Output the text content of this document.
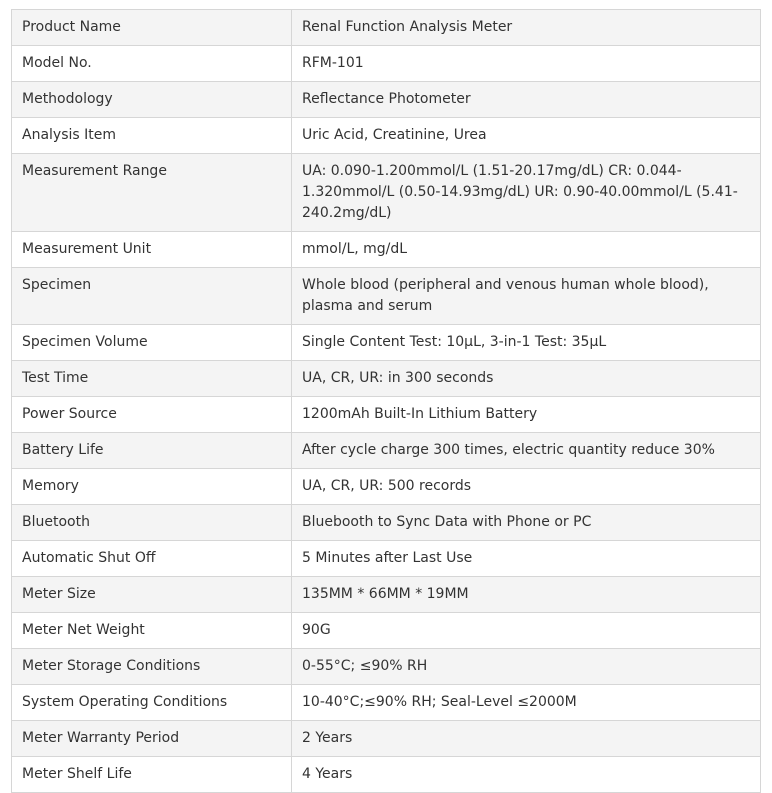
Product Name	Renal Function Analysis Meter
Model No.	RFM-101
Methodology	Reflectance Photometer
Analysis Item	Uric Acid, Creatinine, Urea
Measurement Range	UA: 0.090-1.200mmol/L (1.51-20.17mg/dL) CR: 0.044-1.320mmol/L (0.50-14.93mg/dL) UR: 0.90-40.00mmol/L (5.41-240.2mg/dL)
Measurement Unit	mmol/L, mg/dL
Specimen	Whole blood (peripheral and venous human whole blood), plasma and serum
Specimen Volume	Single Content Test: 10μL, 3-in-1 Test: 35μL
Test Time	UA, CR, UR: in 300 seconds
Power Source	1200mAh Built-In Lithium Battery
Battery Life	After cycle charge 300 times, electric quantity reduce 30%
Memory	UA, CR, UR: 500 records
Bluetooth	Bluebooth to Sync Data with Phone or PC
Automatic Shut Off	5 Minutes after Last Use
Meter Size	135MM * 66MM * 19MM
Meter Net Weight	90G
Meter Storage Conditions	0-55°C; ≤90% RH
System Operating Conditions	10-40°C;≤90% RH; Seal-Level ≤2000M
Meter Warranty Period	2 Years
Meter Shelf Life	4 Years
